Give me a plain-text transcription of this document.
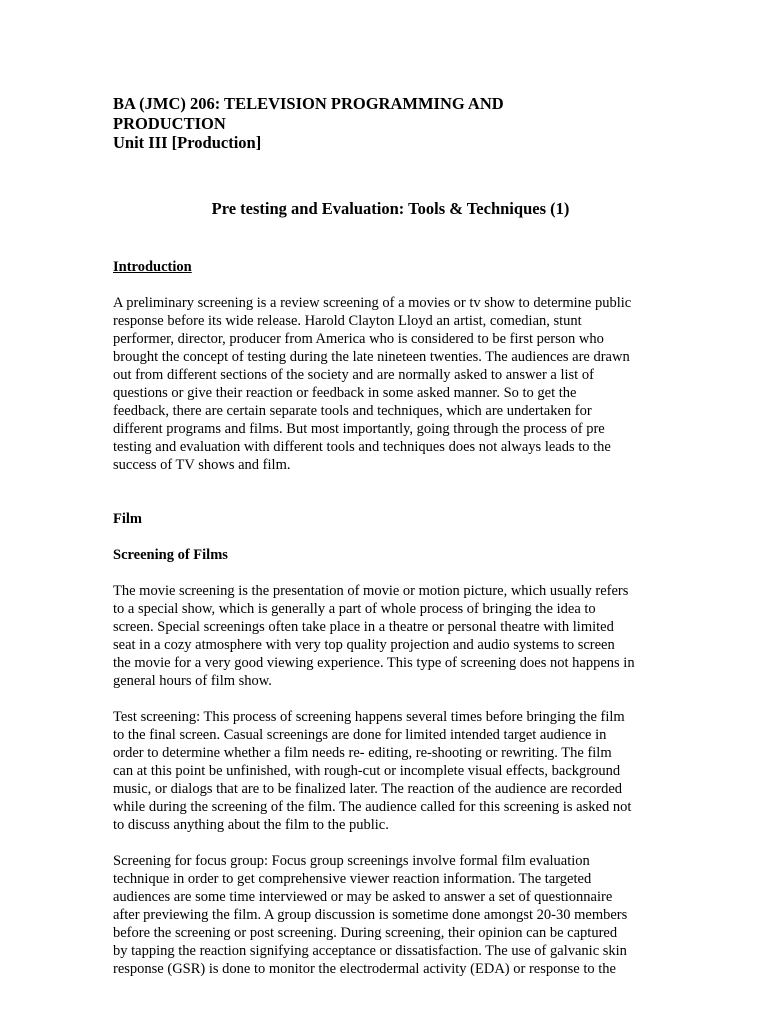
BA (JMC) 206: TELEVISION PROGRAMMING AND
PRODUCTION

Unit III [Production]

Pre testing and Evaluation: Tools & Techniques (1)

Introduction

A preliminary screening is a review screening of a movies or tv show to determine public
response before its wide release. Harold Clayton Lloyd an artist, comedian, stunt
performer, director, producer from America who is considered to be first person who
brought the concept of testing during the late nineteen twenties. The audiences are drawn
out from different sections of the society and are normally asked to answer a list of
questions or give their reaction or feedback in some asked manner. So to get the
feedback, there are certain separate tools and techniques, which are undertaken for
different programs and films. But most importantly, going through the process of pre
testing and evaluation with different tools and techniques does not always leads to the
success of TV shows and film.

Film

Screening of Films

The movie screening is the presentation of movie or motion picture, which usually refers
to a special show, which is generally a part of whole process of bringing the idea to
screen. Special screenings often take place in a theatre or personal theatre with limited
seat in a cozy atmosphere with very top quality projection and audio systems to screen
the movie for a very good viewing experience. This type of screening does not happens in
general hours of film show.

Test screening: This process of screening happens several times before bringing the film
to the final screen. Casual screenings are done for limited intended target audience in
order to determine whether a film needs re- editing, re-shooting or rewriting. The film
can at this point be unfinished, with rough-cut or incomplete visual effects, background
music, or dialogs that are to be finalized later. The reaction of the audience are recorded
while during the screening of the film. The audience called for this screening is asked not
to discuss anything about the film to the public.

Screening for focus group: Focus group screenings involve formal film evaluation
technique in order to get comprehensive viewer reaction information. The targeted
audiences are some time interviewed or may be asked to answer a set of questionnaire
after previewing the film. A group discussion is sometime done amongst 20-30 members
before the screening or post screening. During screening, their opinion can be captured
by tapping the reaction signifying acceptance or dissatisfaction. The use of galvanic skin
response (GSR) is done to monitor the electrodermal activity (EDA) or response to the
